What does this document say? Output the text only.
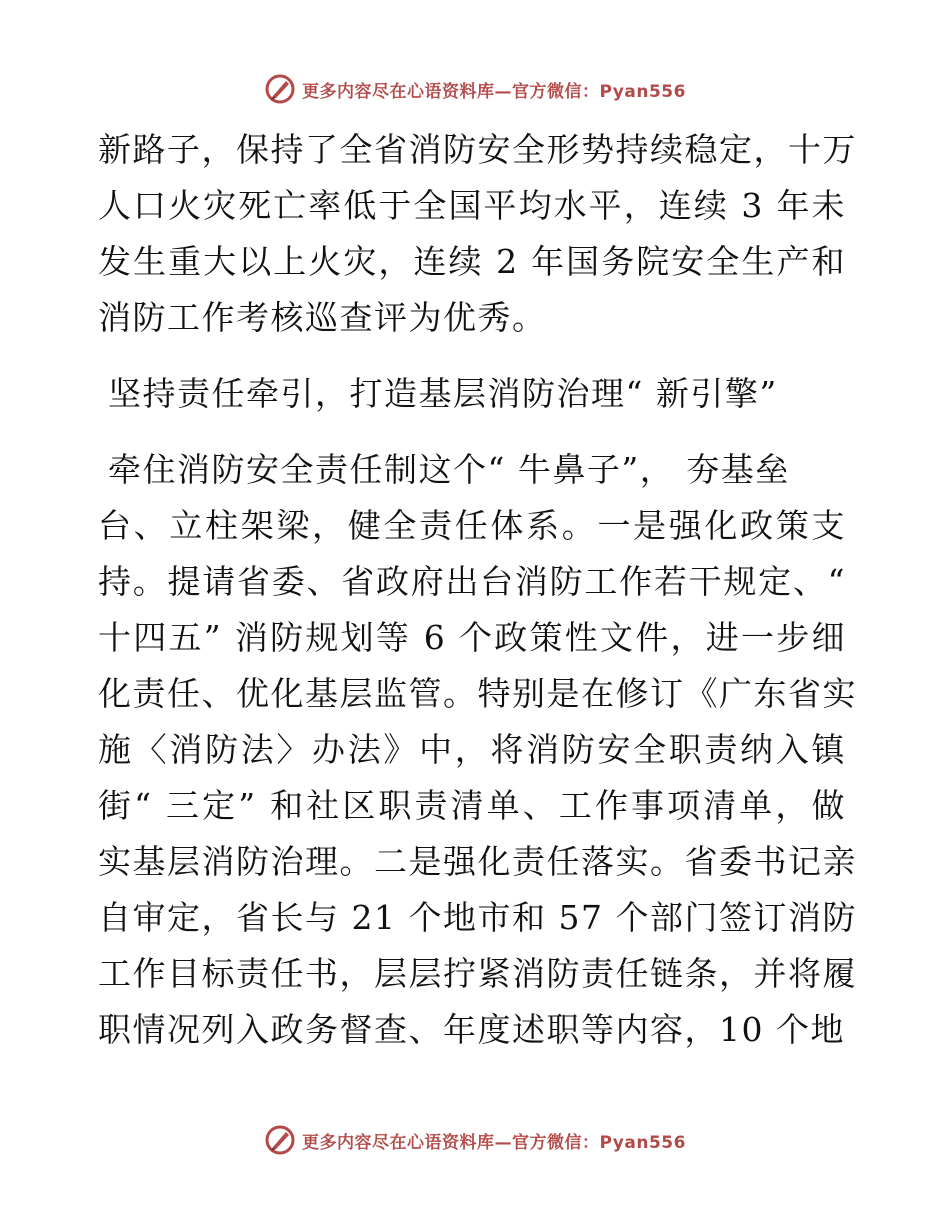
更多内容尽在心语资料库—官方微信：Pyan556
新路子，保持了全省消防安全形势持续稳定，十万
人口火灾死亡率低于全国平均水平，连续 3 年未
发生重大以上火灾，连续 2 年国务院安全生产和
消防工作考核巡查评为优秀。
坚持责任牵引，打造基层消防治理“ 新引擎”
牵住消防安全责任制这个“ 牛鼻子”， 夯基垒
台、立柱架梁，健全责任体系。一是强化政策支
持。提请省委、省政府出台消防工作若干规定、“
十四五” 消防规划等 6 个政策性文件，进一步细
化责任、优化基层监管。特别是在修订《广东省实
施〈消防法〉办法》中，将消防安全职责纳入镇
街“ 三定” 和社区职责清单、工作事项清单，做
实基层消防治理。二是强化责任落实。省委书记亲
自审定，省长与 21 个地市和 57 个部门签订消防
工作目标责任书，层层拧紧消防责任链条，并将履
职情况列入政务督查、年度述职等内容，10 个地
更多内容尽在心语资料库—官方微信：Pyan556
